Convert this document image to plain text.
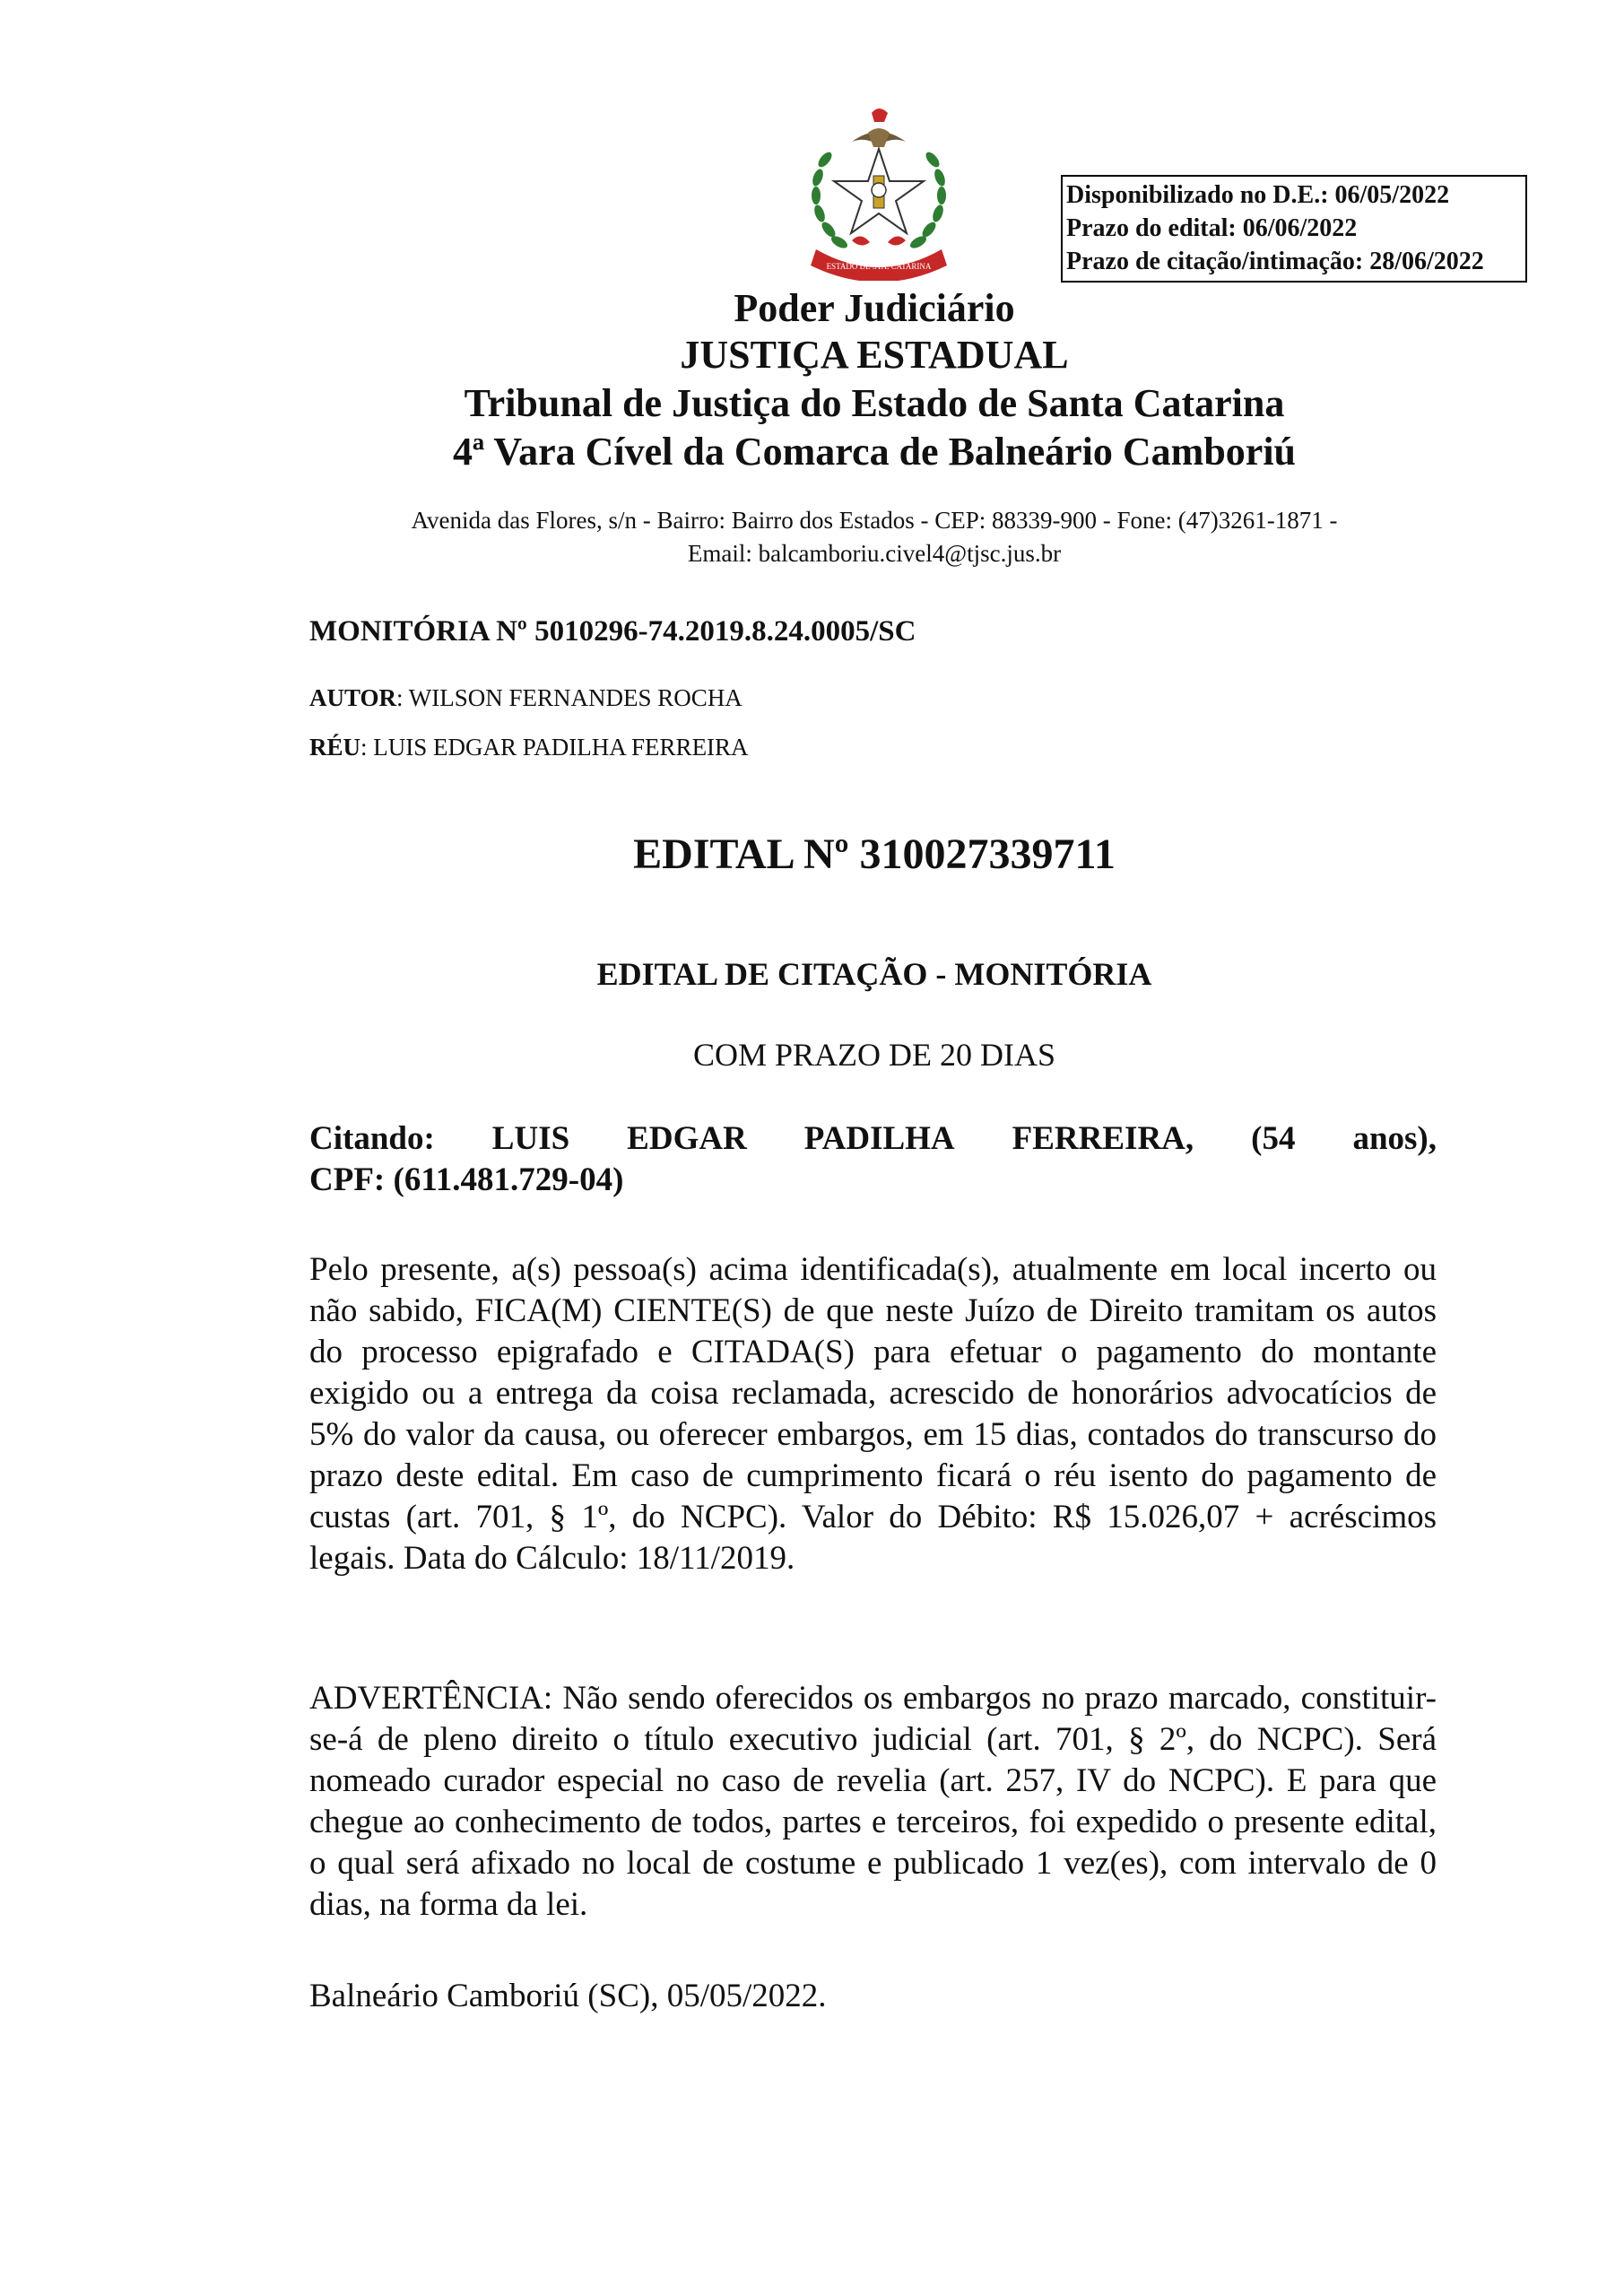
ESTADO DE STA. CATARINA
Disponibilizado no D.E.: 06/05/2022
Prazo do edital: 06/06/2022
Prazo de citação/intimação: 28/06/2022
Poder Judiciário
JUSTIÇA ESTADUAL
Tribunal de Justiça do Estado de Santa Catarina
4ª Vara Cível da Comarca de Balneário Camboriú
Avenida das Flores, s/n - Bairro: Bairro dos Estados - CEP: 88339-900 - Fone: (47)3261-1871 -
Email: balcamboriu.civel4@tjsc.jus.br
MONITÓRIA Nº 5010296-74.2019.8.24.0005/SC
AUTOR: WILSON FERNANDES ROCHA
RÉU: LUIS EDGAR PADILHA FERREIRA
EDITAL Nº 310027339711
EDITAL DE CITAÇÃO - MONITÓRIA
COM PRAZO DE 20 DIAS
Citando: LUIS EDGAR PADILHA FERREIRA, (54 anos),
CPF: (611.481.729-04)
Pelo presente, a(s) pessoa(s) acima identificada(s), atualmente em local incerto ou não sabido, FICA(M) CIENTE(S) de que neste Juízo de Direito tramitam os autos do processo epigrafado e CITADA(S) para efetuar o pagamento do montante exigido ou a entrega da coisa reclamada, acrescido de honorários advocatícios de 5% do valor da causa, ou oferecer embargos, em 15 dias, contados do transcurso do prazo deste edital. Em caso de cumprimento ficará o réu isento do pagamento de custas (art. 701, § 1º, do NCPC). Valor do Débito: R$ 15.026,07 + acréscimos legais. Data do Cálculo: 18/11/2019.
ADVERTÊNCIA: Não sendo oferecidos os embargos no prazo marcado, constituir-se-á de pleno direito o título executivo judicial (art. 701, § 2º, do NCPC). Será nomeado curador especial no caso de revelia (art. 257, IV do NCPC). E para que chegue ao conhecimento de todos, partes e terceiros, foi expedido o presente edital, o qual será afixado no local de costume e publicado 1 vez(es), com intervalo de 0 dias, na forma da lei.
Balneário Camboriú (SC), 05/05/2022.
